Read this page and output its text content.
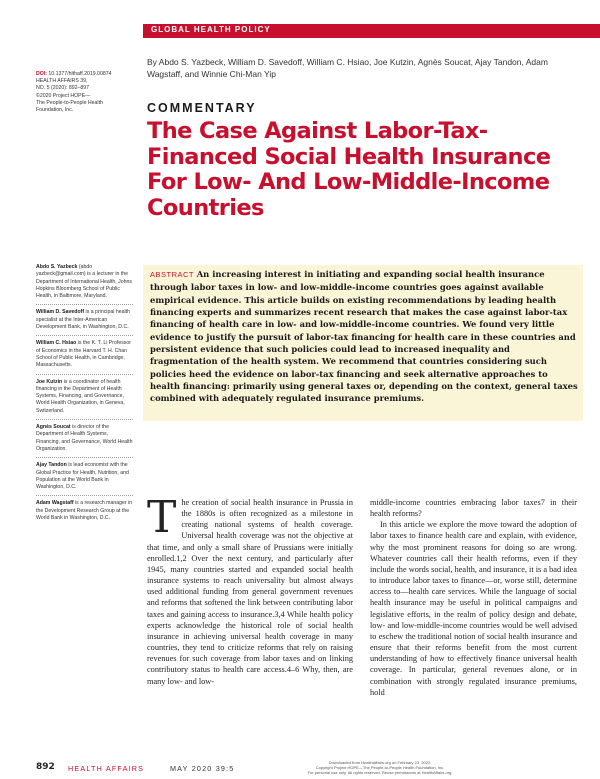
GLOBAL HEALTH POLICY
By Abdo S. Yazbeck, William D. Savedoff, William C. Hsiao, Joe Kutzin, Agnès Soucat, Ajay Tandon, Adam Wagstaff, and Winnie Chi-Man Yip
DOI: 10.1377/hlthaff.2019.00874
HEALTH AFFAIRS 39,
NO. 5 (2020): 892–897
©2020 Project HOPE—
The People-to-People Health
Foundation, Inc.	COMMENTARY
The Case Against Labor-Tax-Financed Social Health Insurance For Low- And Low-Middle-Income Countries
ABSTRACT An increasing interest in initiating and expanding social health insurance through labor taxes in low- and low-middle-income countries goes against available empirical evidence. This article builds on existing recommendations by leading health financing experts and summarizes recent research that makes the case against labor-tax financing of health care in low- and low-middle-income countries. We found very little evidence to justify the pursuit of labor-tax financing for health care in these countries and persistent evidence that such policies could lead to increased inequality and fragmentation of the health system. We recommend that countries considering such policies heed the evidence on labor-tax financing and seek alternative approaches to health financing: primarily using general taxes or, depending on the context, general taxes combined with adequately regulated insurance premiums.
Abdo S. Yazbeck (abdo yazbeck@gmail.com) is a lecturer in the Department of International Health, Johns Hopkins Bloomberg School of Public Health, in Baltimore, Maryland.
William D. Savedoff is a principal health specialist at the Inter-American Development Bank, in Washington, D.C.
William C. Hsiao is the K. T. Li Professor of Economics in the Harvard T. H. Chan School of Public Health, in Cambridge, Massachusetts.
Joe Kutzin is a coordinator of health financing in the Department of Health Systems, Financing, and Governance, World Health Organization, in Geneva, Switzerland.
Agnès Soucat is director of the Department of Health Systems, Financing, and Governance, World Health Organization.
Ajay Tandon is lead economist with the Global Practice for Health, Nutrition, and Population at the World Bank in Washington, D.C.
Adam Wagstaff is a research manager in the Development Research Group at the World Bank in Washington, D.C. T he creation of social health insurance in Prussia in the 1880s is often recognized as a milestone in creating national systems of health coverage. Universal health coverage was not the objective at that time, and only a small share of Prussians were initially enrolled.1,2 Over the next century, and particularly after 1945, many countries started and expanded social health insurance systems to reach universality but almost always used additional funding from general government revenues and reforms that softened the link between contributing labor taxes and gaining access to insurance.3,4 While health policy experts acknowledge the historical role of social health insurance in achieving universal health coverage in many countries, they tend to criticize reforms that rely on raising revenues for such coverage from labor taxes and on linking contributory status to health care access.4–6 Why, then, are many low- and low-

middle-income countries embracing labor taxes7 in their health reforms?

In this article we explore the move toward the adoption of labor taxes to finance health care and explain, with evidence, why the most prominent reasons for doing so are wrong. Whatever countries call their health reforms, even if they include the words social, health, and insurance, it is a bad idea to introduce labor taxes to finance—or, worse still, determine access to—health care services. While the language of social health insurance may be useful in political campaigns and legislative efforts, in the realm of policy design and debate, low- and low-middle-income countries would be well advised to eschew the traditional notion of social health insurance and ensure that their reforms benefit from the most current understanding of how to effectively finance universal health coverage. In particular, general revenues alone, or in combination with strongly regulated insurance premiums, hold

892 HEALTH AFFAIRS	MAY 2020 39:5
Downloaded from HealthAffairs.org on February 23, 2022.
Copyright Project HOPE—The People-to-People Health Foundation, Inc.
For personal use only. All rights reserved. Reuse permissions at HealthAffairs.org.
